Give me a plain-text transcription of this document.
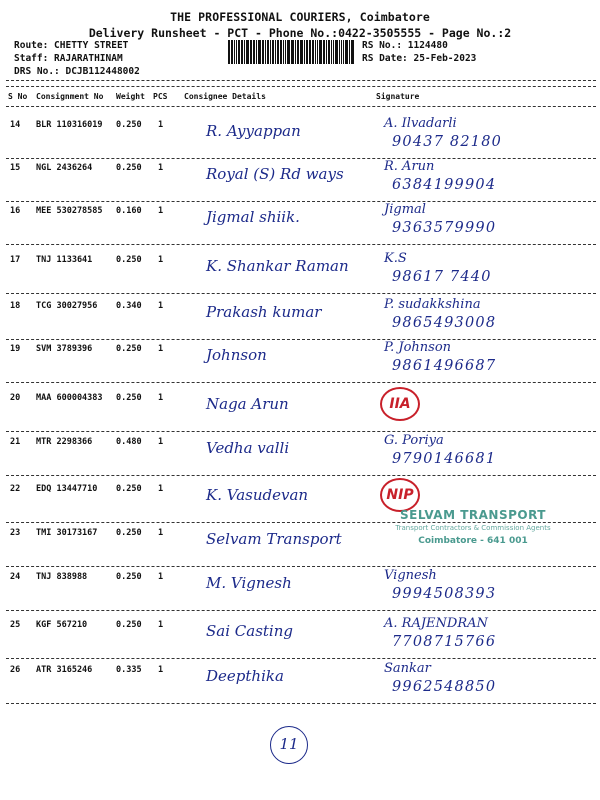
THE PROFESSIONAL COURIERS, Coimbatore
Delivery Runsheet - PCT - Phone No.:0422-3505555 - Page No.:2
Route: CHETTY STREET
Staff: RAJARATHINAM
DRS No.: DCJB112448002
RS No.: 1124480
RS Date: 25-Feb-2023
S No Consignment No Weight PCS Consignee Details	Signature
14 BLR 110316019 0.250 1	R. Ayyappan	A. Ilvadarli
90437 82180
15 NGL 2436264	0.250 1	Royal (S) Rd ways	R. Arun
6384199904
16 MEE 530278585 0.160 1	Jigmal shiik.	Jigmal
9363579990
17 TNJ 1133641	0.250 1	K. Shankar Raman	K.S
98617 7440
18 TCG 30027956 0.340 1	Prakash kumar	P. sudakkshina
9865493008
19 SVM 3789396	0.250 1	Johnson	P. Johnson
9861496687
20 MAA 600004383 0.250 1	Naga Arun	IIA
21 MTR 2298366	0.480 1	Vedha valli	G. Poriya
9790146681
22 EDQ 13447710 0.250 1	K. Vasudevan	NIP
23 TMI 30173167 0.250 1	Selvam Transport
24 TNJ 838988	0.250 1	M. Vignesh	Vignesh
9994508393
25 KGF 567210	0.250 1	Sai Casting	A. RAJENDRAN
7708715766
26 ATR 3165246	0.335 1	Deepthika	Sankar
9962548850
SELVAM TRANSPORT
Transport Contractors & Commission Agents
Coimbatore - 641 001
11
